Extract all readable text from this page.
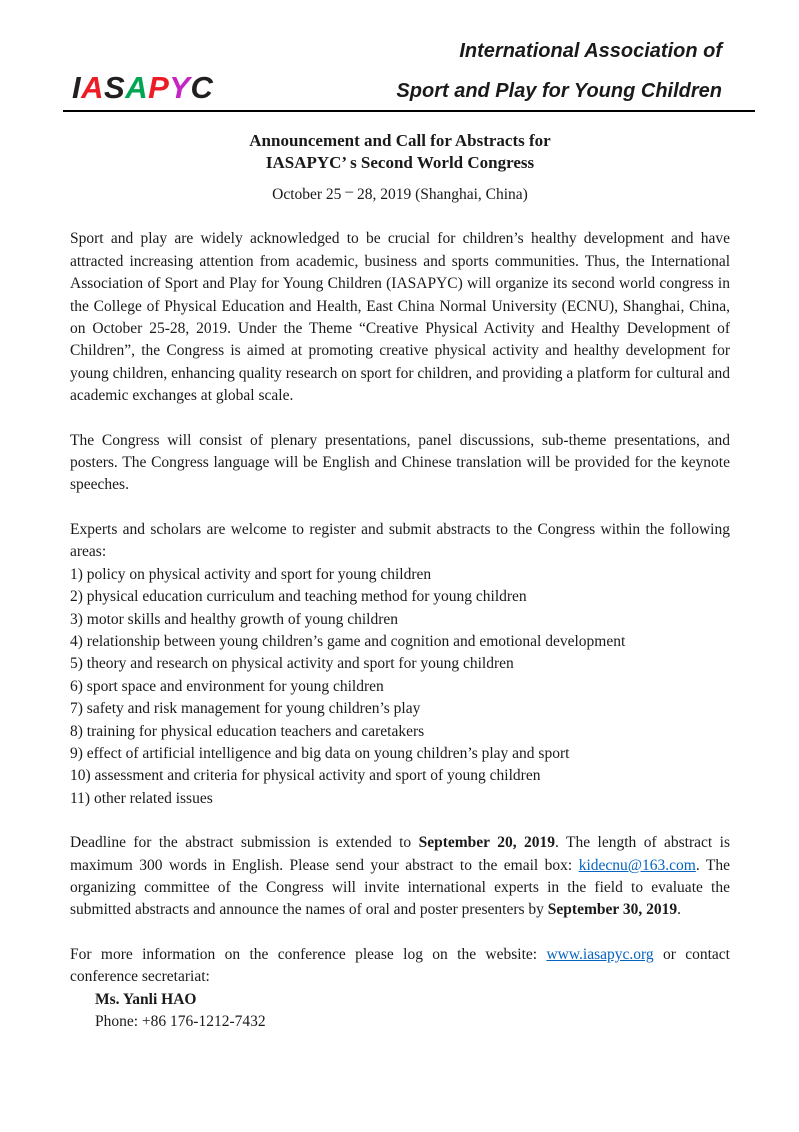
IASAPYC
International Association of
Sport and Play for Young Children
Announcement and Call for Abstracts for
IASAPYC’ s Second World Congress
October 25 – 28, 2019 (Shanghai, China)

Sport and play are widely acknowledged to be crucial for children’s healthy development and have attracted increasing attention from academic, business and sports communities. Thus, the International Association of Sport and Play for Young Children (IASAPYC) will organize its second world congress in the College of Physical Education and Health, East China Normal University (ECNU), Shanghai, China, on October 25-28, 2019. Under the Theme “Creative Physical Activity and Healthy Development of Children”, the Congress is aimed at promoting creative physical activity and healthy development for young children, enhancing quality research on sport for children, and providing a platform for cultural and academic exchanges at global scale.

The Congress will consist of plenary presentations, panel discussions, sub-theme presentations, and posters. The Congress language will be English and Chinese translation will be provided for the keynote speeches.

Experts and scholars are welcome to register and submit abstracts to the Congress within the following areas:

1) policy on physical activity and sport for young children
2) physical education curriculum and teaching method for young children
3) motor skills and healthy growth of young children
4) relationship between young children’s game and cognition and emotional development
5) theory and research on physical activity and sport for young children
6) sport space and environment for young children
7) safety and risk management for young children’s play
8) training for physical education teachers and caretakers
9) effect of artificial intelligence and big data on young children’s play and sport
10) assessment and criteria for physical activity and sport of young children
11) other related issues

Deadline for the abstract submission is extended to September 20, 2019. The length of abstract is maximum 300 words in English. Please send your abstract to the email box: kidecnu@163.com. The organizing committee of the Congress will invite international experts in the field to evaluate the submitted abstracts and announce the names of oral and poster presenters by September 30, 2019.

For more information on the conference please log on the website: www.iasapyc.org or contact conference secretariat:

Ms. Yanli HAO
Phone: +86 176-1212-7432
